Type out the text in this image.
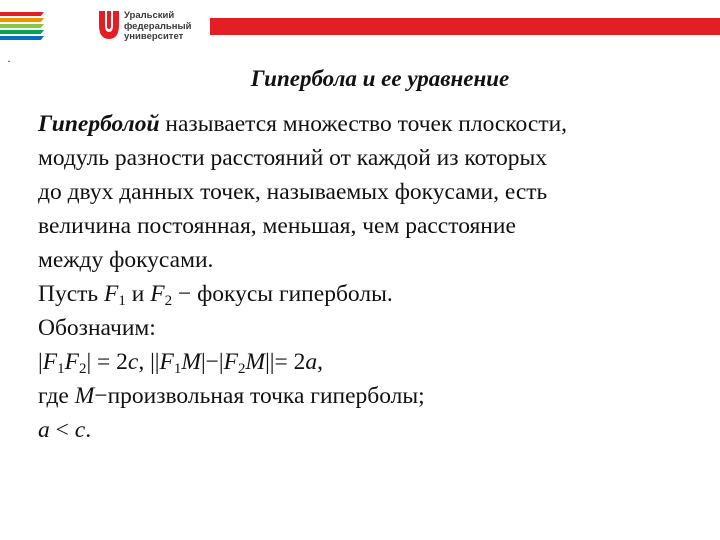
Уральский
федеральный
университет
·
Гипербола и ее уравнение
Гиперболой называется множество точек плоскости,
модуль разности расстояний от каждой из которых
до двух данных точек, называемых фокусами, есть
величина постоянная, меньшая, чем расстояние
между фокусами.
Пусть $F_1$ и $F_2$ − фокусы гиперболы.
Обозначим:
$|F_1F_2| = 2c$, $||F_1M|-|F_2M||= 2a$,
где M−произвольная точка гиперболы;
a < c.
